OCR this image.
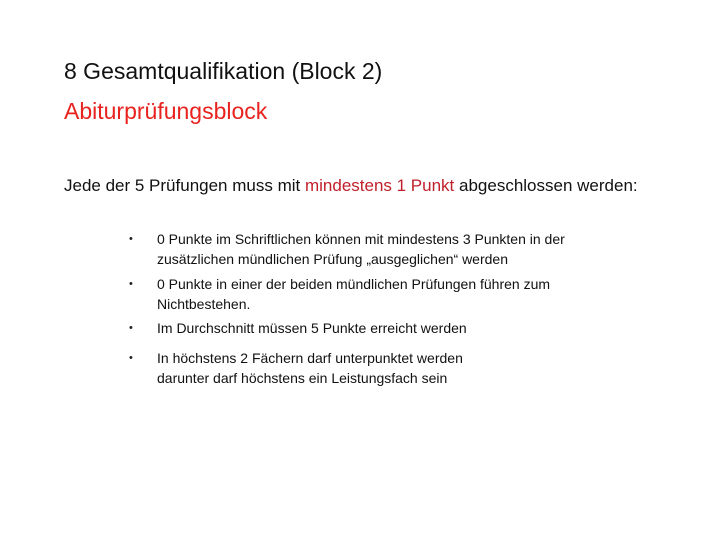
8 Gesamtqualifikation (Block 2)
Abiturprüfungsblock
Jede der 5 Prüfungen muss mit mindestens 1 Punkt abgeschlossen werden:
• 0 Punkte im Schriftlichen können mit mindestens 3 Punkten in der
zusätzlichen mündlichen Prüfung „ausgeglichen“ werden
• 0 Punkte in einer der beiden mündlichen Prüfungen führen zum
Nichtbestehen.
• Im Durchschnitt müssen 5 Punkte erreicht werden
• In höchstens 2 Fächern darf unterpunktet werden
darunter darf höchstens ein Leistungsfach sein
